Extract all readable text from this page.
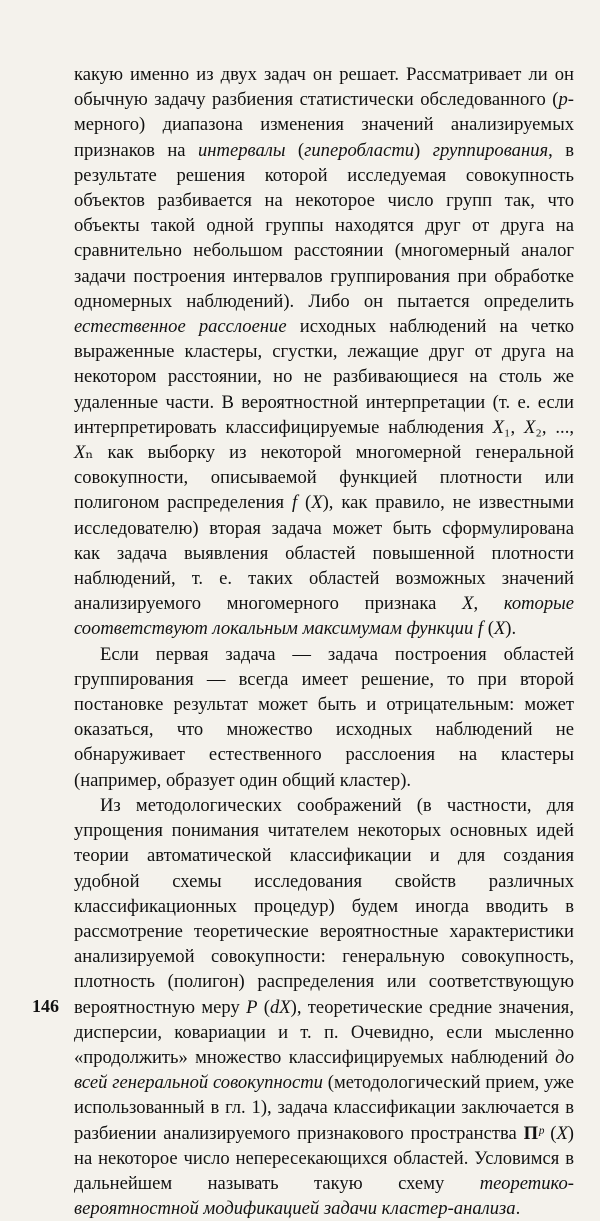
какую именно из двух задач он решает. Рассматривает ли он обычную задачу разбиения статистически обследованного (p-мерного) диапазона изменения значений анализируемых признаков на интервалы (гиперобласти) группирования, в результате решения которой исследуемая совокупность объектов разбивается на некоторое число групп так, что объекты такой одной группы находятся друг от друга на сравнительно небольшом расстоянии (многомерный аналог задачи построения интервалов группирования при обработке одномерных наблюдений). Либо он пытается определить естественное расслоение исходных наблюдений на четко выраженные кластеры, сгустки, лежащие друг от друга на некотором расстоянии, но не разбивающиеся на столь же удаленные части. В вероятностной интерпретации (т. е. если интерпретировать классифицируемые наблюдения X₁, X₂, ..., Xₙ как выборку из некоторой многомерной генеральной совокупности, описываемой функцией плотности или полигоном распределения f (X), как правило, не известными исследователю) вторая задача может быть сформулирована как задача выявления областей повышенной плотности наблюдений, т. е. таких областей возможных значений анализируемого многомерного признака X, которые соответствуют локальным максимумам функции f (X).

Если первая задача — задача построения областей группирования — всегда имеет решение, то при второй постановке результат может быть и отрицательным: может оказаться, что множество исходных наблюдений не обнаруживает естественного расслоения на кластеры (например, образует один общий кластер).

Из методологических соображений (в частности, для упрощения понимания читателем некоторых основных идей теории автоматической классификации и для создания удобной схемы исследования свойств различных классификационных процедур) будем иногда вводить в рассмотрение теоретические вероятностные характеристики анализируемой совокупности: генеральную совокупность, плотность (полигон) распределения или соответствующую вероятностную меру P (dX), теоретические средние значения, дисперсии, ковариации и т. п. Очевидно, если мысленно «продолжить» множество классифицируемых наблюдений до всей генеральной совокупности (методологический прием, уже использованный в гл. 1), задача классификации заключается в разбиении анализируемого признакового пространства Πᵖ (X) на некоторое число непересекающихся областей. Условимся в дальнейшем называть такую схему теоретико-вероятностной модификацией задачи кластер-анализа.

146
